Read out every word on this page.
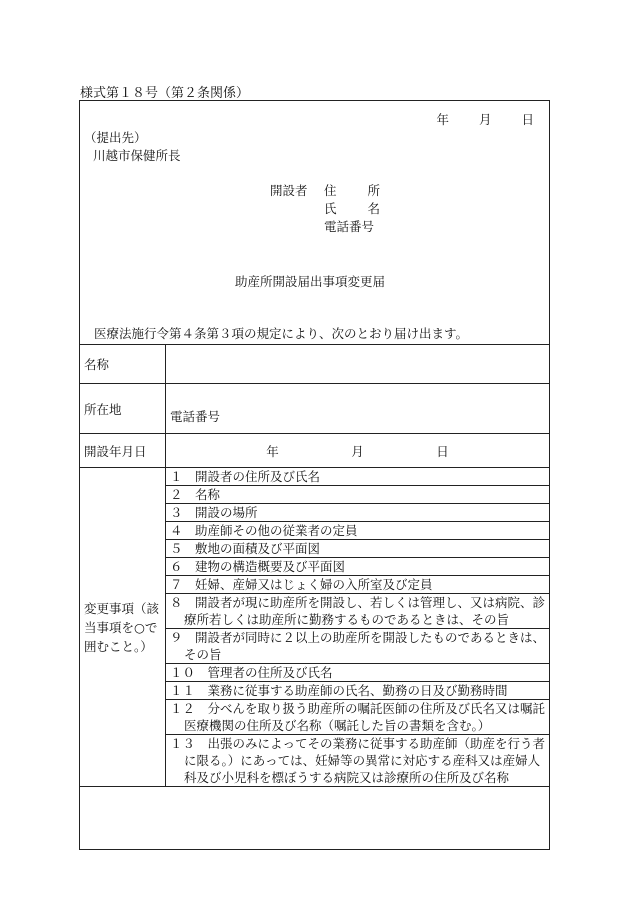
様式第１８号（第２条関係）
年 月 日
（提出先）
川越市保健所長
開設者	住 所
氏 名
電話番号
助産所開設届出事項変更届
医療法施行令第４条第３項の規定により、次のとおり届け出ます。
名称	
所在地	電話番号

開設年月日	年	月	日

変更事項（該当事項を○で囲むこと。）	
１　開設者の住所及び氏名
２　名称
３　開設の場所
４　助産師その他の従業者の定員
５　敷地の面積及び平面図
６　建物の構造概要及び平面図
７　妊婦、産婦又はじょく婦の入所室及び定員
８　開設者が現に助産所を開設し、若しくは管理し、又は病院、診療所若しくは助産所に勤務するものであるときは、その旨
９　開設者が同時に２以上の助産所を開設したものであるときは、その旨
１０　管理者の住所及び氏名
１１　業務に従事する助産師の氏名、勤務の日及び勤務時間
１２　分べんを取り扱う助産所の嘱託医師の住所及び氏名又は嘱託医療機関の住所及び名称（嘱託した旨の書類を含む。）
１３　出張のみによってその業務に従事する助産師（助産を行う者に限る。）にあっては、妊婦等の異常に対応する産科又は産婦人科及び小児科を標ぼうする病院又は診療所の住所及び名称
